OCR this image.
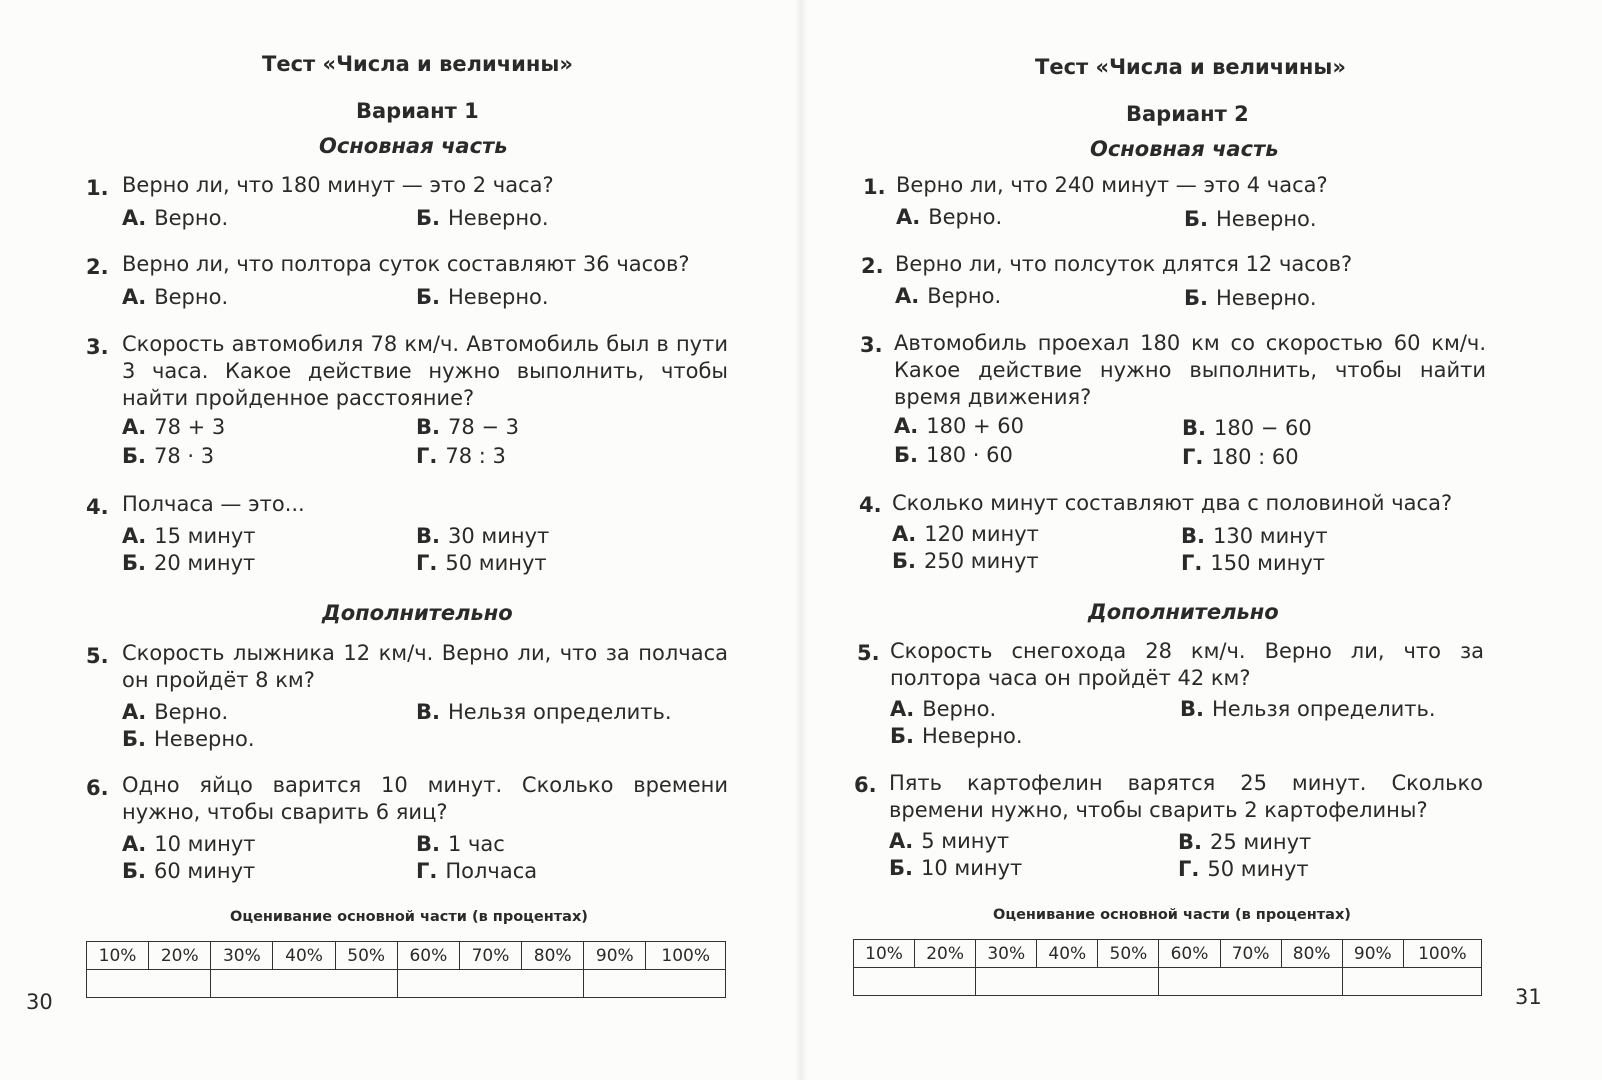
Тест «Числа и величины»
Вариант 1
Основная часть
1. Верно ли, что 180 минут — это 2 часа?
А. Верно.	Б. Неверно.
2. Верно ли, что полтора суток составляют 36 часов?
А. Верно.	Б. Неверно.
3. Скорость автомобиля 78 км/ч. Автомобиль был в пути 3 часа. Какое действие нужно выполнить, чтобы найти пройденное расстояние?
А. 78 + 3	В. 78 − 3
Б. 78 · 3	Г. 78 : 3
4. Полчаса — это...
А. 15 минут	В. 30 минут
Б. 20 минут	Г. 50 минут
Дополнительно
5. Скорость лыжника 12 км/ч. Верно ли, что за полчаса он пройдёт 8 км?
А. Верно.	В. Нельзя определить.
Б. Неверно.
6. Одно яйцо варится 10 минут. Сколько времени нужно, чтобы сварить 6 яиц?
А. 10 минут	В. 1 час
Б. 60 минут	Г. Полчаса
Оценивание основной части (в процентах)
10%	20%	30%	40%	50%	60%	70%	80%	90%	100%

30
Тест «Числа и величины»
Вариант 2
Основная часть
1. Верно ли, что 240 минут — это 4 часа?
А. Верно.	Б. Неверно.
2. Верно ли, что полсуток длятся 12 часов?
А. Верно.	Б. Неверно.
3. Автомобиль проехал 180 км со скоростью 60 км/ч. Какое действие нужно выполнить, чтобы найти время движения?
А. 180 + 60	В. 180 − 60
Б. 180 · 60	Г. 180 : 60
4. Сколько минут составляют два с половиной часа?
А. 120 минут	В. 130 минут
Б. 250 минут	Г. 150 минут
Дополнительно
5. Скорость снегохода 28 км/ч. Верно ли, что за полтора часа он пройдёт 42 км?
А. Верно.	В. Нельзя определить.
Б. Неверно.
6. Пять картофелин варятся 25 минут. Сколько времени нужно, чтобы сварить 2 картофелины?
А. 5 минут	В. 25 минут
Б. 10 минут	Г. 50 минут
Оценивание основной части (в процентах)
10%	20%	30%	40%	50%	60%	70%	80%	90%	100%

31
